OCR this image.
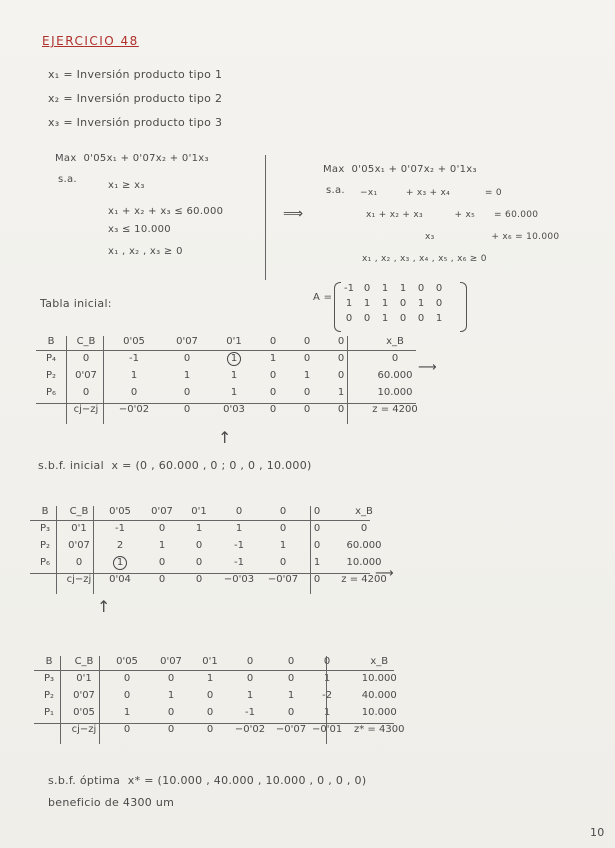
EJERCICIO 48
x₁ = Inversión producto tipo 1
x₂ = Inversión producto tipo 2
x₃ = Inversión producto tipo 3
Max  0'05x₁ + 0'07x₂ + 0'1x₃
s.a.
x₁ ≥ x₃
x₁ + x₂ + x₃ ≤ 60.000
x₃ ≤ 10.000
x₁ , x₂ , x₃ ≥ 0
⟹
Max  0'05x₁ + 0'07x₂ + 0'1x₃
s.a. −x₁         + x₃ + x₄           = 0
x₁ + x₂ + x₃          + x₅      = 60.000
x₃                  + x₆ = 10.000
x₁ , x₂ , x₃ , x₄ , x₅ , x₆ ≥ 0
Tabla inicial:	A =
-1	0	1	1	0	0
1	1	1	0	1	0
0	0	1	0	0	1
B	C_B	0'05	0'07	0'1	0	0	0	x_B
P₄	0	-1	0	1	1	0	0	0
P₂	0'07	1	1	1	0	1	0	60.000
P₆	0	0	0	1	0	0	1	10.000
	cj−zj	−0'02	0	0'03	0	0	0	z = 4200
⟶
↑
s.b.f. inicial  x = (0 , 60.000 , 0 ; 0 , 0 , 10.000)
B	C_B	0'05	0'07	0'1	0	0	0	x_B
P₃	0'1	-1	0	1	1	0	0	0
P₂	0'07	2	1	0	-1	1	0	60.000
P₆	0	1	0	0	-1	0	1	10.000
	cj−zj	0'04	0	0	−0'03	−0'07	0	z = 4200
⟶
↑
B	C_B	0'05	0'07	0'1	0	0	0	x_B
P₃	0'1	0	0	1	0	0	1	10.000
P₂	0'07	0	1	0	1	1	-2	40.000
P₁	0'05	1	0	0	-1	0	1	10.000
	cj−zj	0	0	0	−0'02	−0'07	−0'01	z* = 4300
s.b.f. óptima  x* = (10.000 , 40.000 , 10.000 , 0 , 0 , 0)
beneficio de 4300 um
10
